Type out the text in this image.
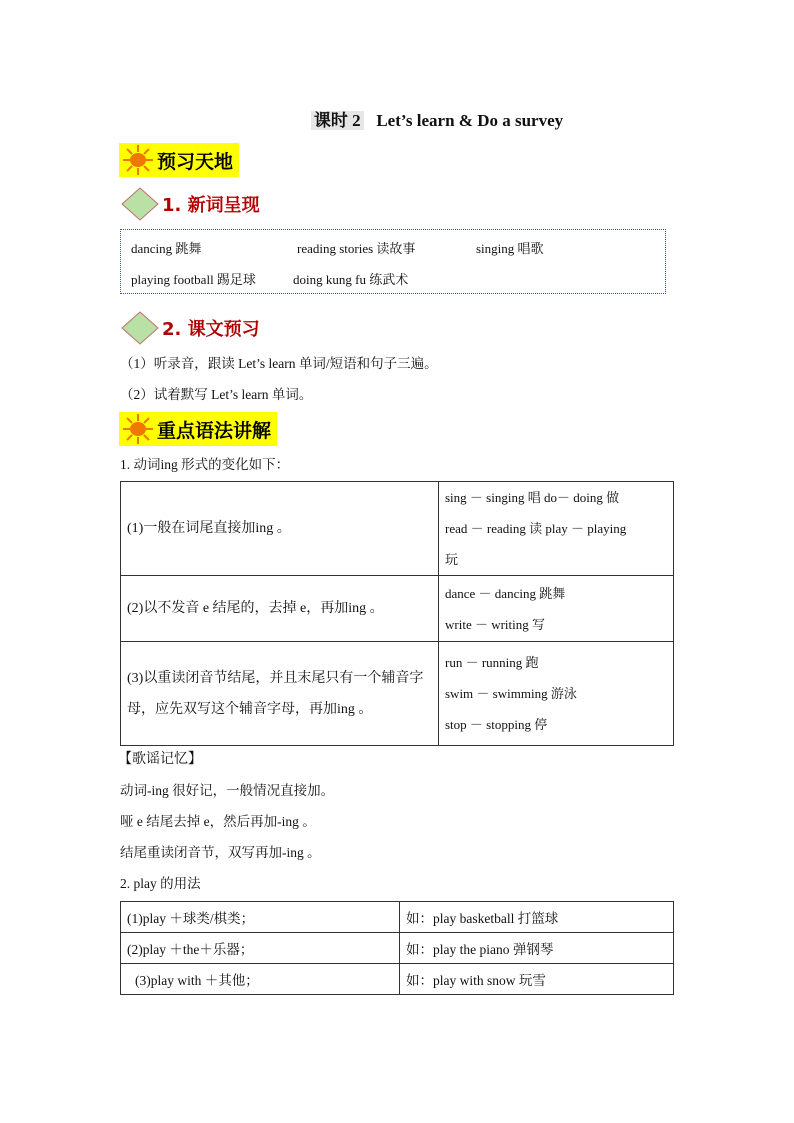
课时 2 Let’s learn & Do a survey
预习天地
1. 新词呈现
dancing 跳舞	reading stories 读故事	singing 唱歌
playing football 踢足球	doing kung fu 练武术
2. 课文预习
（1）听录音，跟读 Let’s learn 单词/短语和句子三遍。
（2）试着默写 Let’s learn 单词。
重点语法讲解
1. 动词ing 形式的变化如下：
(1)一般在词尾直接加ing 。	sing － singing 唱 do－ doing 做
read － reading 读 play － playing
玩

(2)以不发音 e 结尾的，去掉 e，再加ing 。	dance － dancing 跳舞
write － writing 写

(3)以重读闭音节结尾，并且末尾只有一个辅音字母，应先双写这个辅音字母，再加ing 。	run － running 跑
swim － swimming 游泳
stop － stopping 停
【歌谣记忆】
动词-ing 很好记，一般情况直接加。
哑 e 结尾去掉 e，然后再加-ing 。
结尾重读闭音节，双写再加-ing 。
2. play 的用法
(1)play ＋球类/棋类；	如：play basketball 打篮球
(2)play ＋the＋乐器；	如：play the piano 弹钢琴
(3)play with ＋其他；	如：play with snow 玩雪
